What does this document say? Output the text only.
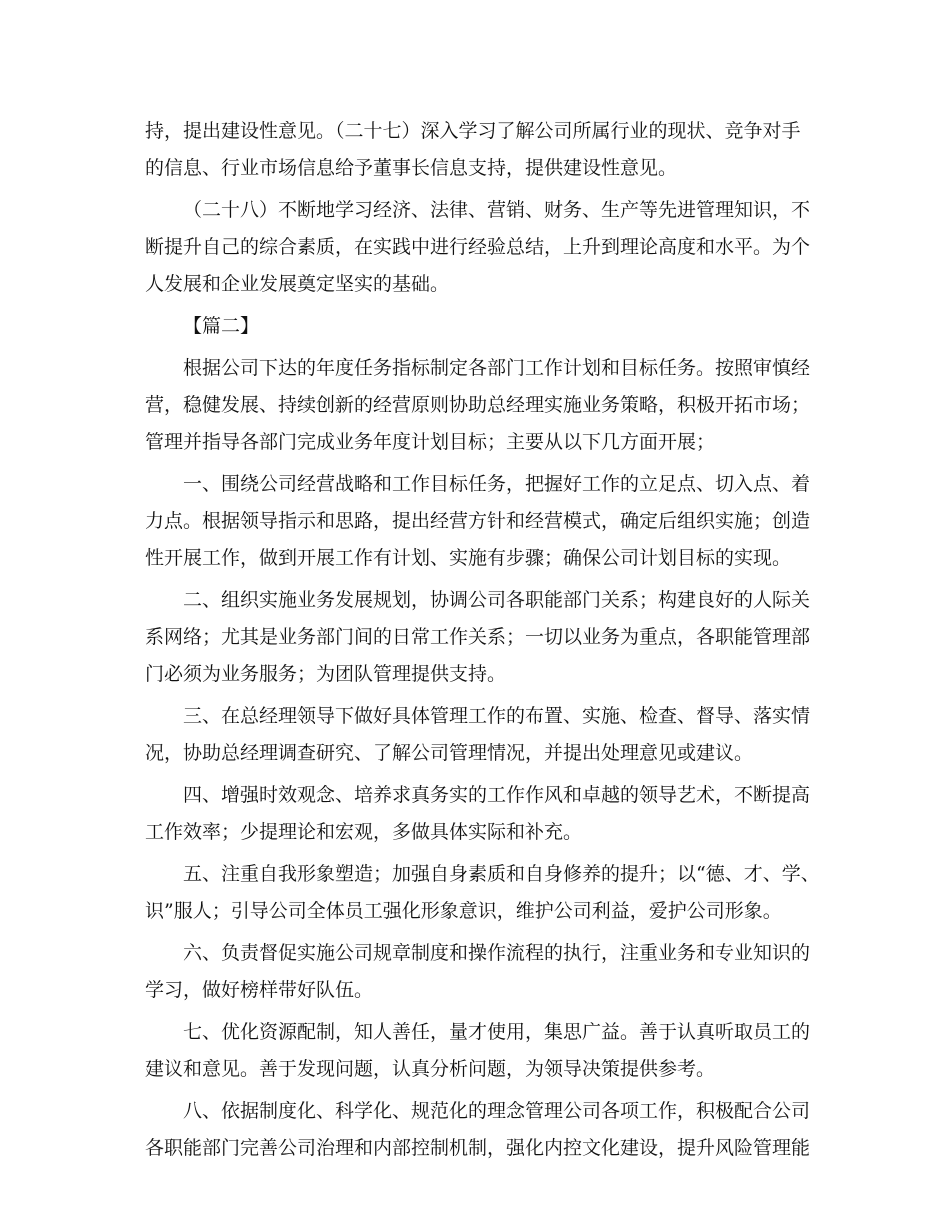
持，提出建设性意见。（二十七）深入学习了解公司所属行业的现状、竞争对手
的信息、行业市场信息给予董事长信息支持，提供建设性意见。

（二十八）不断地学习经济、法律、营销、财务、生产等先进管理知识，不
断提升自己的综合素质，在实践中进行经验总结，上升到理论高度和水平。为个
人发展和企业发展奠定坚实的基础。

【篇二】

根据公司下达的年度任务指标制定各部门工作计划和目标任务。按照审慎经
营，稳健发展、持续创新的经营原则协助总经理实施业务策略，积极开拓市场；
管理并指导各部门完成业务年度计划目标；主要从以下几方面开展；

一、围绕公司经营战略和工作目标任务，把握好工作的立足点、切入点、着
力点。根据领导指示和思路，提出经营方针和经营模式，确定后组织实施；创造
性开展工作，做到开展工作有计划、实施有步骤；确保公司计划目标的实现。

二、组织实施业务发展规划，协调公司各职能部门关系；构建良好的人际关
系网络；尤其是业务部门间的日常工作关系；一切以业务为重点，各职能管理部
门必须为业务服务；为团队管理提供支持。

三、在总经理领导下做好具体管理工作的布置、实施、检查、督导、落实情
况，协助总经理调查研究、了解公司管理情况，并提出处理意见或建议。

四、增强时效观念、培养求真务实的工作作风和卓越的领导艺术，不断提高
工作效率；少提理论和宏观，多做具体实际和补充。

五、注重自我形象塑造；加强自身素质和自身修养的提升；以“德、才、学、
识”服人；引导公司全体员工强化形象意识，维护公司利益，爱护公司形象。

六、负责督促实施公司规章制度和操作流程的执行，注重业务和专业知识的
学习，做好榜样带好队伍。

七、优化资源配制，知人善任，量才使用，集思广益。善于认真听取员工的
建议和意见。善于发现问题，认真分析问题，为领导决策提供参考。

八、依据制度化、科学化、规范化的理念管理公司各项工作，积极配合公司
各职能部门完善公司治理和内部控制机制，强化内控文化建设，提升风险管理能
